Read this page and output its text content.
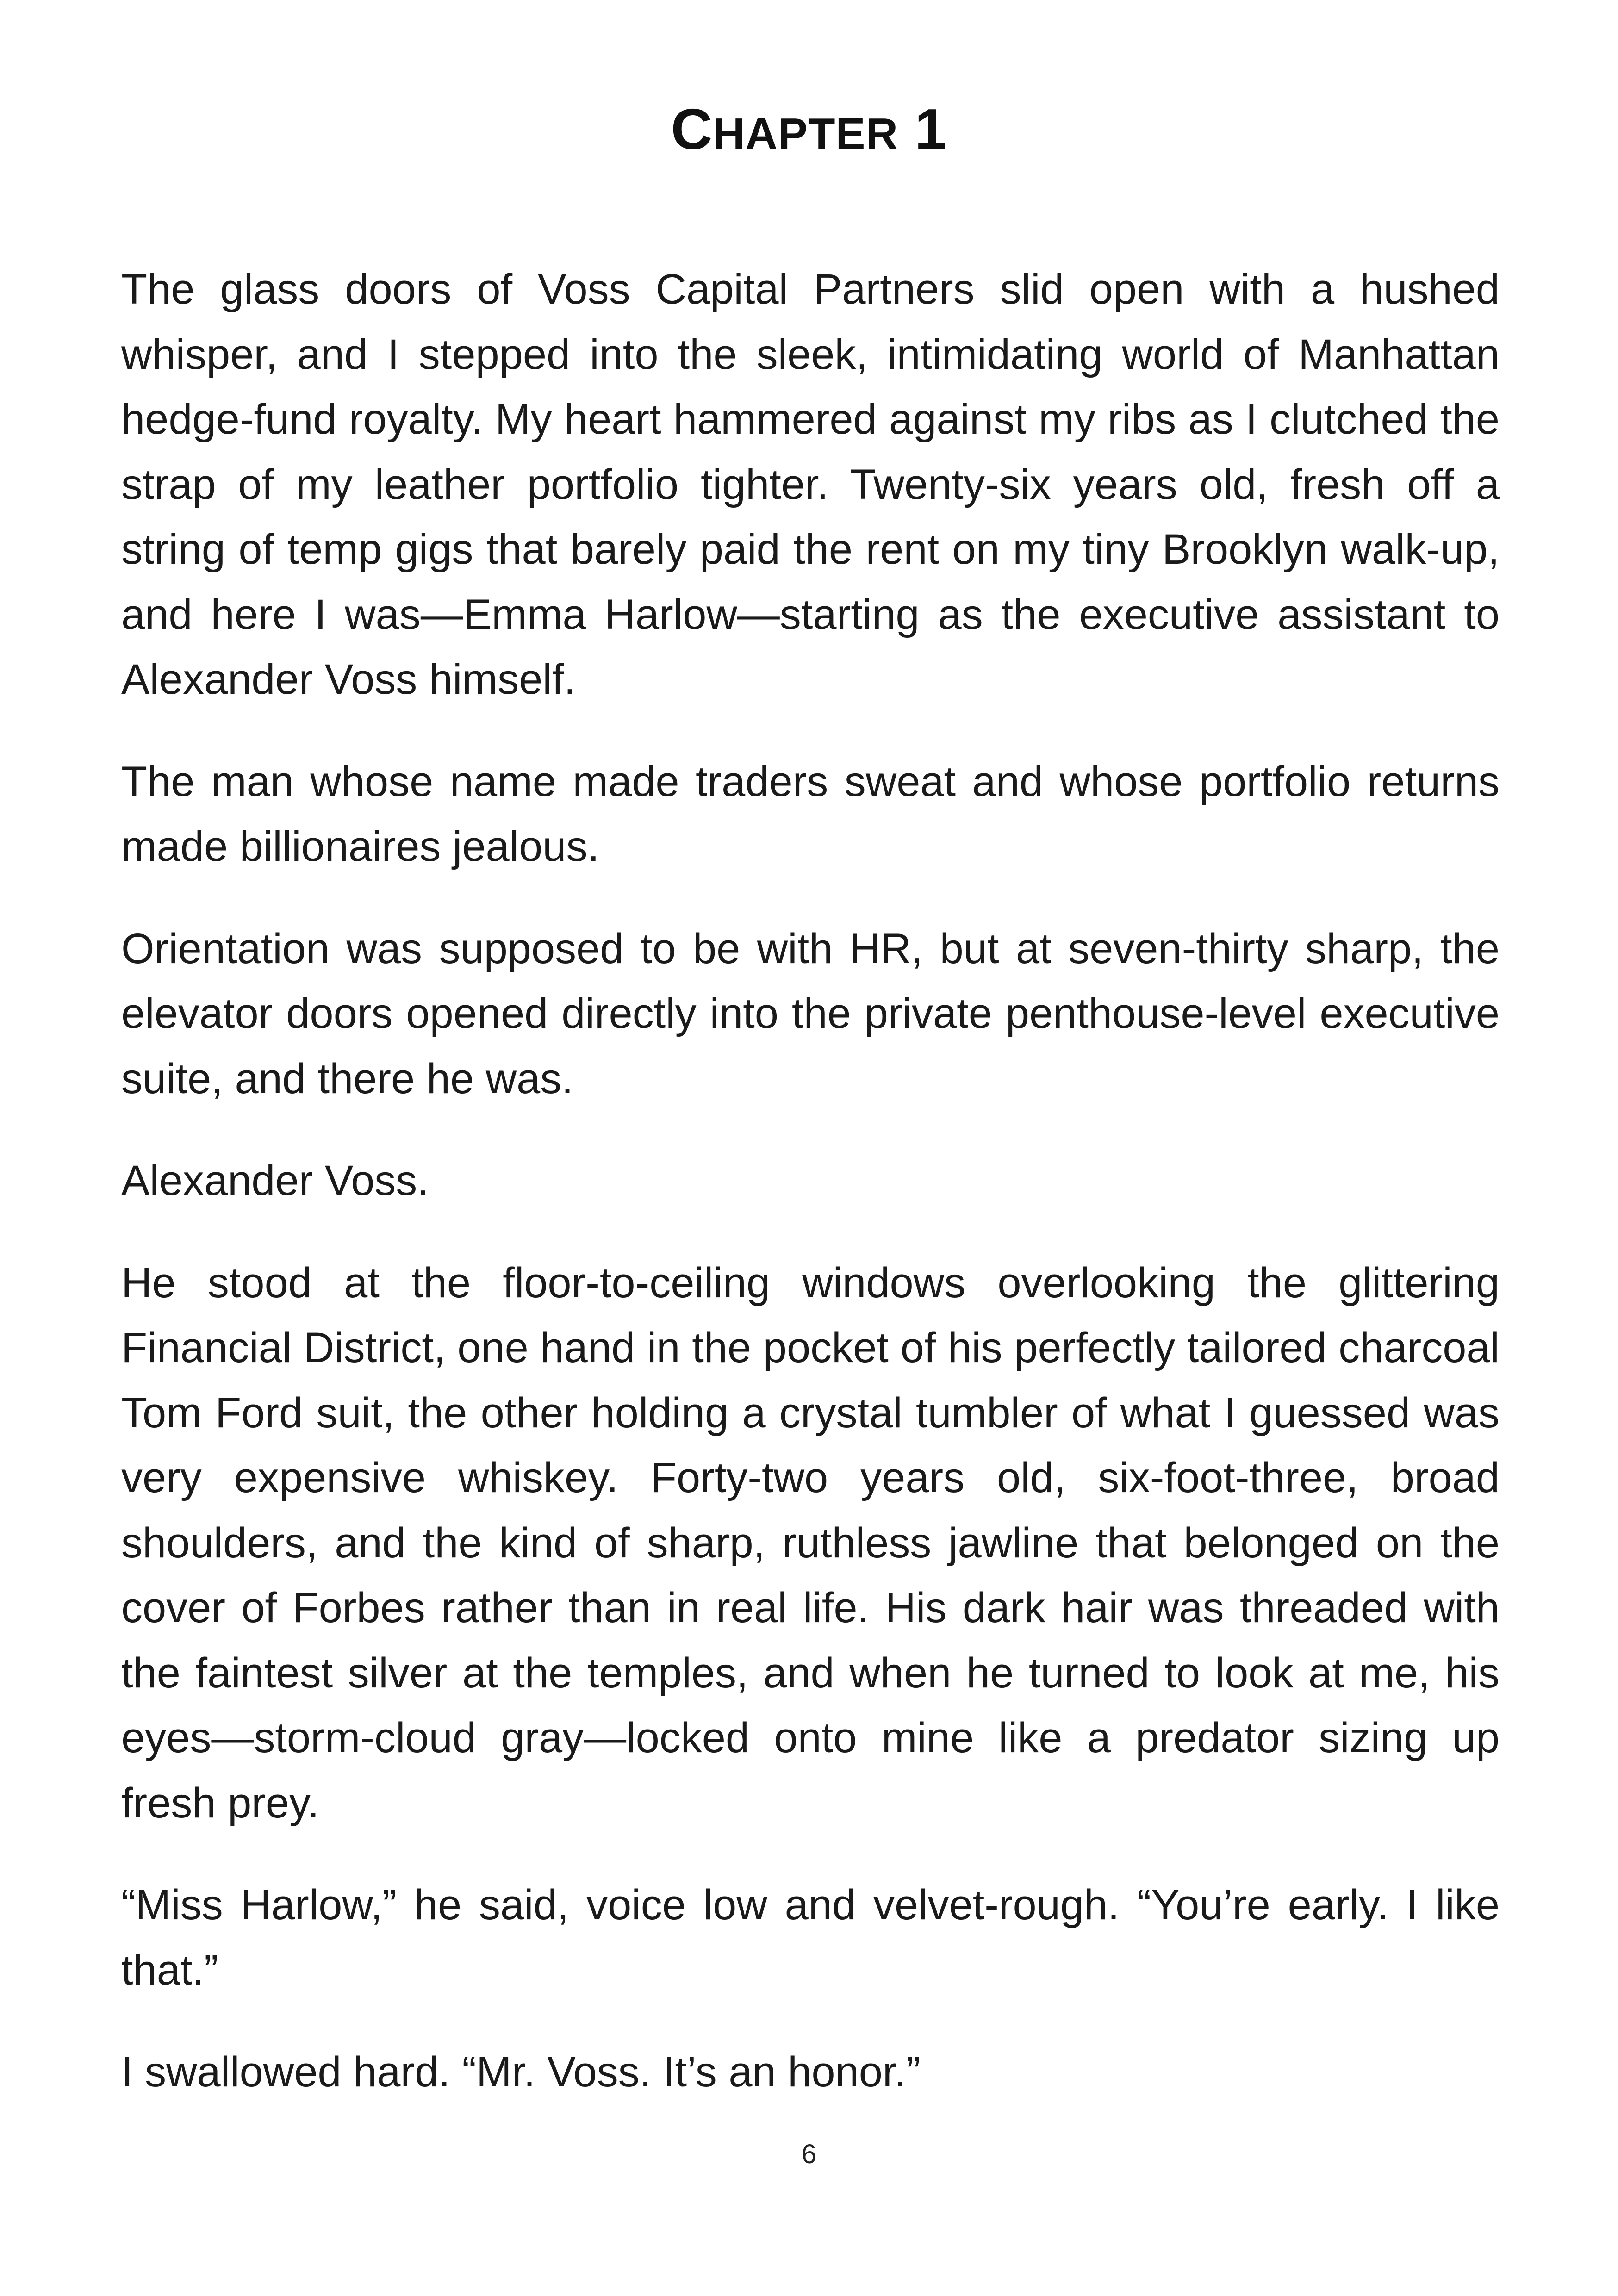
CHAPTER 1

The glass doors of Voss Capital Partners slid open with a hushed whisper, and I stepped into the sleek, intimidating world of Manhattan hedge-fund royalty. My heart hammered against my ribs as I clutched the strap of my leather portfolio tighter. Twenty-six years old, fresh off a string of temp gigs that barely paid the rent on my tiny Brooklyn walk-up, and here I was—Emma Harlow—starting as the executive assistant to Alexander Voss himself.

The man whose name made traders sweat and whose portfolio returns made billionaires jealous.

Orientation was supposed to be with HR, but at seven-thirty sharp, the elevator doors opened directly into the private penthouse-level executive suite, and there he was.

Alexander Voss.

He stood at the floor-to-ceiling windows overlooking the glittering Financial District, one hand in the pocket of his perfectly tailored charcoal Tom Ford suit, the other holding a crystal tumbler of what I guessed was very expensive whiskey. Forty-two years old, six-foot-three, broad shoulders, and the kind of sharp, ruthless jawline that belonged on the cover of Forbes rather than in real life. His dark hair was threaded with the faintest silver at the temples, and when he turned to look at me, his eyes—storm-cloud gray—locked onto mine like a predator sizing up fresh prey.

“Miss Harlow,” he said, voice low and velvet-rough. “You’re early. I like that.”

I swallowed hard. “Mr. Voss. It’s an honor.”

6
